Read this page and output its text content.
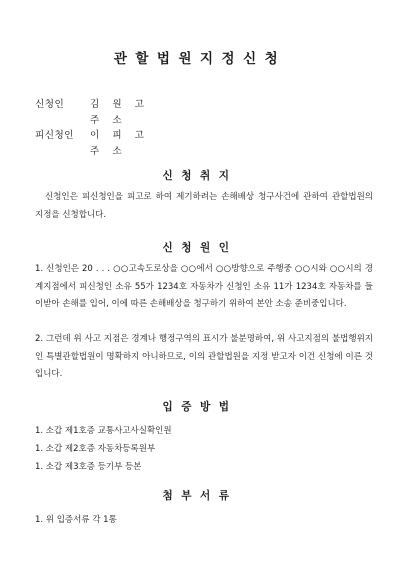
관할법원지정신청
신청인	김 원 고
주 소
피신청인 이 피 고
주 소
신청취지
신청인은 피신청인을 피고로 하여 제기하려는 손해배상 청구사건에 관하여 관할법원의 지정을 신청합니다.
신청원인
1. 신청인은 20 . . . ○○고속도로상을 ○○에서 ○○방향으로 주행중 ○○시와 ○○시의 경계지점에서 피신청인 소유 55가 1234호 자동차가 신청인 소유 11가 1234호 자동차를 들이받아 손해를 입어, 이에 따른 손해배상을 청구하기 위하여 본안 소송 준비중입니다.
2. 그런데 위 사고 지점은 경계나 행정구역의 표시가 불분명하여, 위 사고지점의 불법행위지인 특별관할법원이 명확하지 아니하므로, 이의 관할법원을 지정 받고자 이건 신청에 이른 것입니다.
입증방법
1. 소갑 제1호증 교통사고사실확인원
1. 소갑 제2호증 자동차등록원부
1. 소갑 제3호증 등기부 등본
첨부서류
1. 위 입증서류 각 1통
